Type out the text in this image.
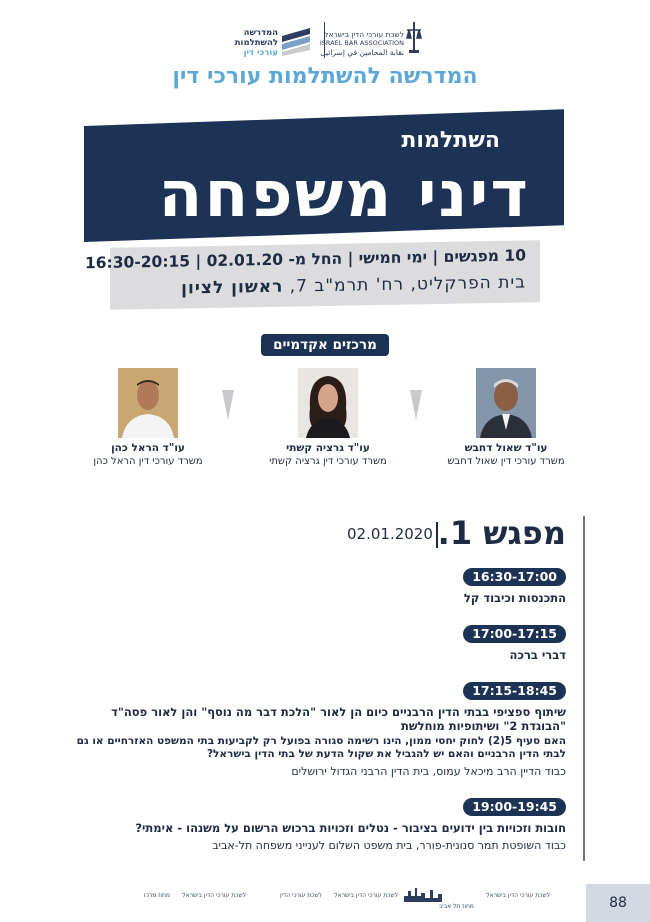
המדרשה
להשתלמות
עורכי דין
לשכת עורכי הדין בישראל
ISRAEL BAR ASSOCIATION
نقابة المحامين في إسرائيل
המדרשה להשתלמות עורכי דין
השתלמות
דיני משפחה
10 מפגשים | ימי חמישי | החל מ- 02.01.20 | 16:30-20:15
בית הפרקליט, רח' תרמ"ב 7, ראשון לציון
מרכזים אקדמיים
עו"ד שאול דחבש
משרד עורכי דין שאול דחבש
עו"ד גרציה קשתי
משרד עורכי דין גרציה קשתי
עו"ד הראל כהן
משרד עורכי דין הראל כהן
מפגש 1.
02.01.2020
16:30-17:00
התכנסות וכיבוד קל
17:00-17:15
דברי ברכה
17:15-18:45
שיתוף ספציפי בבתי הדין הרבניים כיום הן לאור "הלכת דבר מה נוסף" והן לאור פסה"ד "הבוגדת 2" ושיתופיות מוחלשת
האם סעיף 5(2) לחוק יחסי ממון, הינו רשימה סגורה בפועל רק לקביעות בתי המשפט האזרחיים או גם לבתי הדין הרבניים והאם יש להגביל את שקול הדעת של בתי הדין בישראל?
כבוד הדיין הרב מיכאל עמוס, בית הדין הרבני הגדול ירושלים
19:00-19:45
חובות וזכויות בין ידועים בציבור - נטלים וזכויות ברכוש הרשום על משנהו - אימתי?
כבוד השופטת תמר סנונית-פורר, בית משפט השלום לענייני משפחה תל-אביב
מחוז מרכז לשכת עורכי הדין בישראל	לשכת עורכי הדין לשכת עורכי הדין בישראל
מחוז תל אביב
לשכת עורכי הדין בישראל	88
